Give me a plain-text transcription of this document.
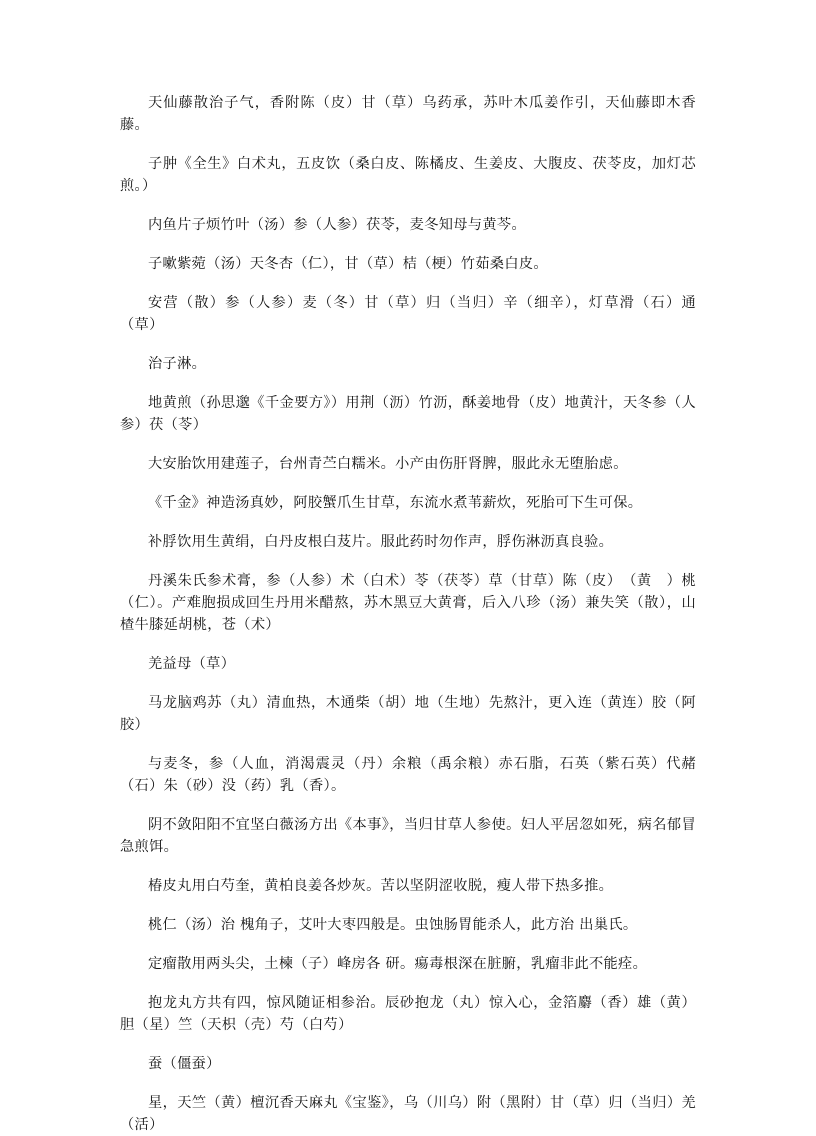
天仙藤散治子气，香附陈（皮）甘（草）乌药承，苏叶木瓜姜作引，天仙藤即木香藤。

子肿《全生》白术丸，五皮饮（桑白皮、陈橘皮、生姜皮、大腹皮、茯苓皮，加灯芯煎。）

内鱼片子烦竹叶（汤）参（人参）茯苓，麦冬知母与黄芩。

子嗽紫菀（汤）天冬杏（仁），甘（草）桔（梗）竹茹桑白皮。

安营（散）参（人参）麦（冬）甘（草）归（当归）辛（细辛），灯草滑（石）通（草）

治子淋。

地黄煎（孙思邈《千金要方》）用荆（沥）竹沥，酥姜地骨（皮）地黄汁，天冬参（人参）茯（苓）

大安胎饮用建莲子，台州青苎白糯米。小产由伤肝肾脾，服此永无堕胎虑。

《千金》神造汤真妙，阿胶蟹爪生甘草，东流水煮苇薪炊，死胎可下生可保。

补脬饮用生黄绢，白丹皮根白芨片。服此药时勿作声，脬伤淋沥真良验。

丹溪朱氏参术膏，参（人参）术（白术）苓（茯苓）草（甘草）陈（皮）　（黄　）桃（仁）。产难胞损成回生丹用米醋熬，苏木黑豆大黄膏，后入八珍（汤）兼失笑（散），山楂牛膝延胡桃，苍（术）

羌益母（草）

马龙脑鸡苏（丸）清血热，木通柴（胡）地（生地）先熬汁，更入连（黄连）胶（阿胶）

与麦冬，参（人血，消渴震灵（丹）余粮（禹余粮）赤石脂，石英（紫石英）代赭（石）朱（砂）没（药）乳（香）。

阴不敛阳阳不宜坚白薇汤方出《本事》，当归甘草人参使。妇人平居忽如死，病名郁冒急煎饵。

椿皮丸用白芍奎，黄柏良姜各炒灰。苦以坚阴涩收脱，瘦人带下热多推。

桃仁（汤）治 槐角子，艾叶大枣四般是。虫蚀肠胃能杀人，此方治 出巢氏。

定瘤散用两头尖，土楝（子）峰房各 研。瘍毒根深在脏腑，乳瘤非此不能痊。

抱龙丸方共有四，惊风随证相参治。辰砂抱龙（丸）惊入心，金箔麝（香）雄（黄）胆（星）竺（天枳（壳）芍（白芍）

蚕（僵蚕）

星，天竺（黄）檀沉香天麻丸《宝鉴》，乌（川乌）附（黑附）甘（草）归（当归）羌（活）
